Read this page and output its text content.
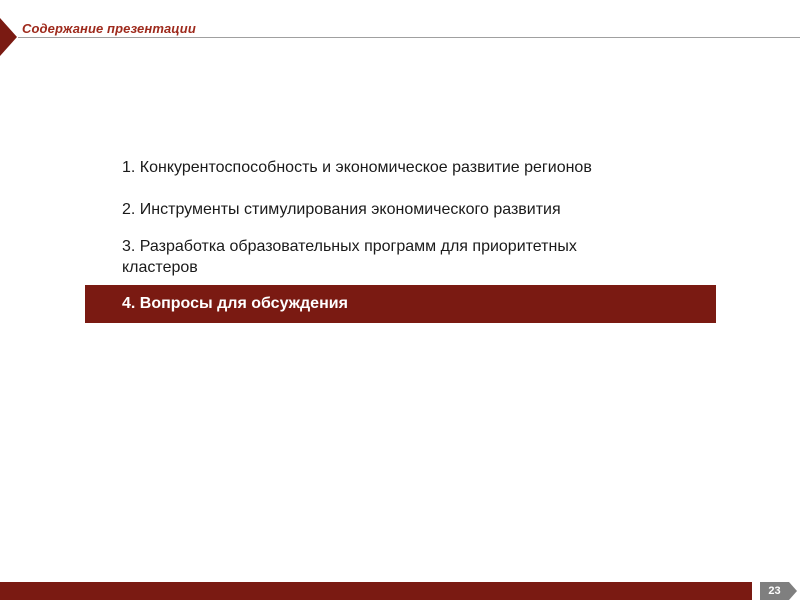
Содержание презентации
1. Конкурентоспособность и экономическое развитие регионов
2. Инструменты стимулирования экономического развития
3. Разработка образовательных программ для приоритетных кластеров
4. Вопросы для обсуждения
23
